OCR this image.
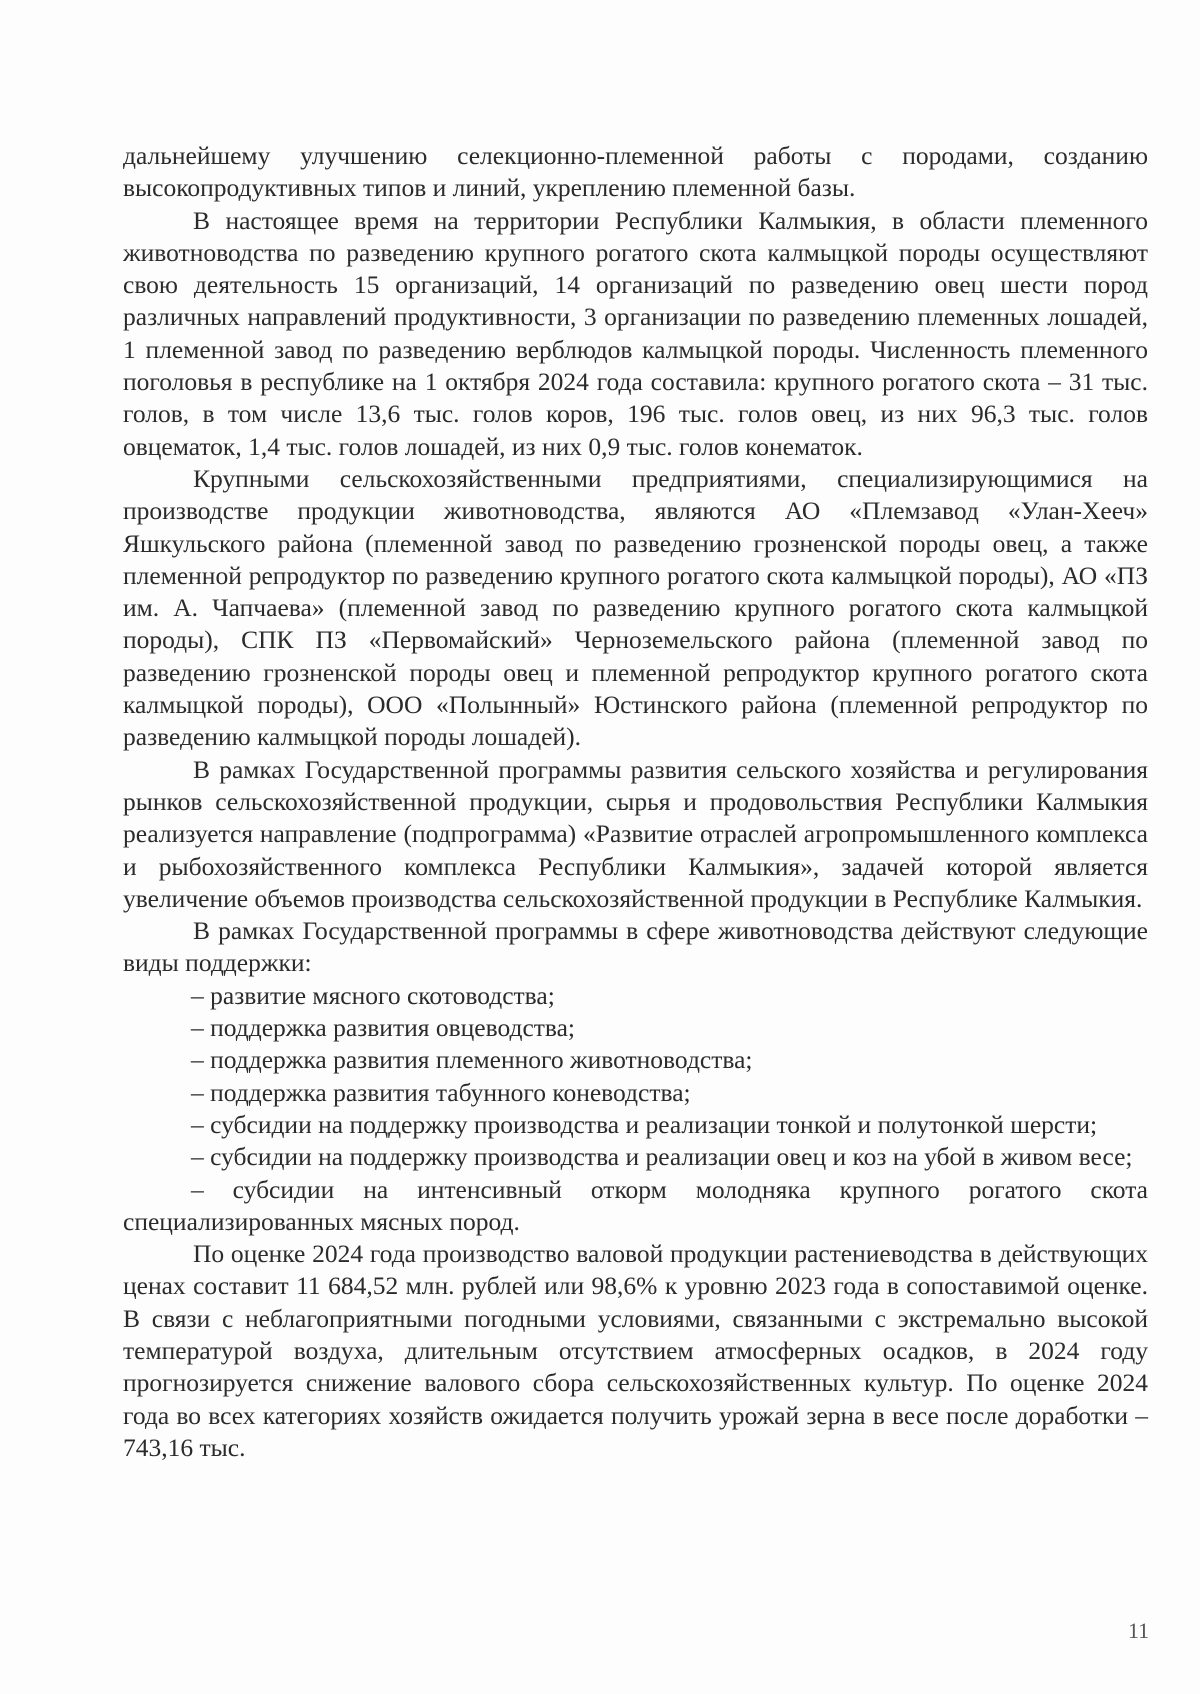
дальнейшему улучшению селекционно-племенной работы с породами, созданию высокопродуктивных типов и линий, укреплению племенной базы.

В настоящее время на территории Республики Калмыкия, в области племенного животноводства по разведению крупного рогатого скота калмыцкой породы осуществляют свою деятельность 15 организаций, 14 организаций по разведению овец шести пород различных направлений продуктивности, 3 организации по разведению племенных лошадей, 1 племенной завод по разведению верблюдов калмыцкой породы. Численность племенного поголовья в республике на 1 октября 2024 года составила: крупного рогатого скота – 31 тыс. голов, в том числе 13,6 тыс. голов коров, 196 тыс. голов овец, из них 96,3 тыс. голов овцематок, 1,4 тыс. голов лошадей, из них 0,9 тыс. голов конематок.

Крупными сельскохозяйственными предприятиями, специализирующимися на производстве продукции животноводства, являются АО «Племзавод «Улан-Хееч» Яшкульского района (племенной завод по разведению грозненской породы овец, а также племенной репродуктор по разведению крупного рогатого скота калмыцкой породы), АО «ПЗ им. А. Чапчаева» (племенной завод по разведению крупного рогатого скота калмыцкой породы), СПК ПЗ «Первомайский» Черноземельского района (племенной завод по разведению грозненской породы овец и племенной репродуктор крупного рогатого скота калмыцкой породы), ООО «Полынный» Юстинского района (племенной репродуктор по разведению калмыцкой породы лошадей).

В рамках Государственной программы развития сельского хозяйства и регулирования рынков сельскохозяйственной продукции, сырья и продовольствия Республики Калмыкия реализуется направление (подпрограмма) «Развитие отраслей агропромышленного комплекса и рыбохозяйственного комплекса Республики Калмыкия», задачей которой является увеличение объемов производства сельскохозяйственной продукции в Республике Калмыкия.

В рамках Государственной программы в сфере животноводства действуют следующие виды поддержки:

– развитие мясного скотоводства;

– поддержка развития овцеводства;

– поддержка развития племенного животноводства;

– поддержка развития табунного коневодства;

– субсидии на поддержку производства и реализации тонкой и полутонкой шерсти;

– субсидии на поддержку производства и реализации овец и коз на убой в живом весе;

– субсидии на интенсивный откорм молодняка крупного рогатого скота специализированных мясных пород.

По оценке 2024 года производство валовой продукции растениеводства в действующих ценах составит 11 684,52 млн. рублей или 98,6% к уровню 2023 года в сопоставимой оценке. В связи с неблагоприятными погодными условиями, связанными с экстремально высокой температурой воздуха, длительным отсутствием атмосферных осадков, в 2024 году прогнозируется снижение валового сбора сельскохозяйственных культур. По оценке 2024 года во всех категориях хозяйств ожидается получить урожай зерна в весе после доработки – 743,16 тыс.

11
